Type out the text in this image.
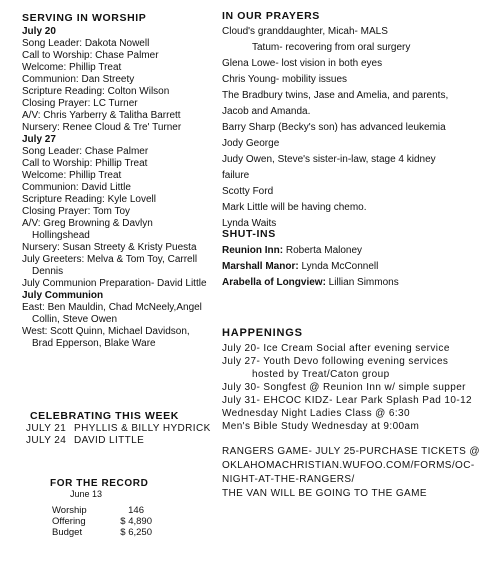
SERVING IN WORSHIP
July 20
Song Leader: Dakota Nowell
Call to Worship: Chase Palmer
Welcome: Phillip Treat
Communion: Dan Streety
Scripture Reading: Colton Wilson
Closing Prayer: LC Turner
A/V: Chris Yarberry & Talitha Barrett
Nursery: Renee Cloud & Tre' Turner
July 27
Song Leader: Chase Palmer
Call to Worship: Phillip Treat
Welcome: Phillip Treat
Communion: David Little
Scripture Reading: Kyle Lovell
Closing Prayer: Tom Toy
A/V: Greg Browning & Davlyn
Hollingshead
Nursery: Susan Streety & Kristy Puesta
July Greeters: Melva & Tom Toy, Carrell
Dennis
July Communion Preparation- David Little
July Communion
East: Ben Mauldin, Chad McNeely,Angel
Collin, Steve Owen
West: Scott Quinn, Michael Davidson,
Brad Epperson, Blake Ware
CELEBRATING THIS WEEK
JULY 21 PHYLLIS & BILLY HYDRICK
JULY 24 DAVID LITTLE
FOR THE RECORD
June 13
Worship	146
Offering	$ 4,890
Budget	$ 6,250
IN OUR PRAYERS
Cloud's granddaughter, Micah- MALS
Tatum- recovering from oral surgery
Glena Lowe- lost vision in both eyes
Chris Young- mobility issues
The Bradbury twins, Jase and Amelia, and parents,
Jacob and Amanda.
Barry Sharp (Becky's son) has advanced leukemia
Jody George
Judy Owen, Steve's sister-in-law, stage 4 kidney
failure
Scotty Ford
Mark Little will be having chemo.
Lynda Waits
SHUT-INS
Reunion Inn: Roberta Maloney
Marshall Manor: Lynda McConnell
Arabella of Longview: Lillian Simmons
HAPPENINGS
July 20- Ice Cream Social after evening service
July 27- Youth Devo following evening services
hosted by Treat/Caton group
July 30- Songfest @ Reunion Inn w/ simple supper
July 31- EHCOC KIDZ- Lear Park Splash Pad 10-12
Wednesday Night Ladies Class @ 6:30
Men's Bible Study Wednesday at 9:00am
RANGERS GAME- JULY 25-PURCHASE TICKETS @
OKLAHOMACHRISTIAN.WUFOO.COM/FORMS/OC-
NIGHT-AT-THE-RANGERS/
THE VAN WILL BE GOING TO THE GAME
